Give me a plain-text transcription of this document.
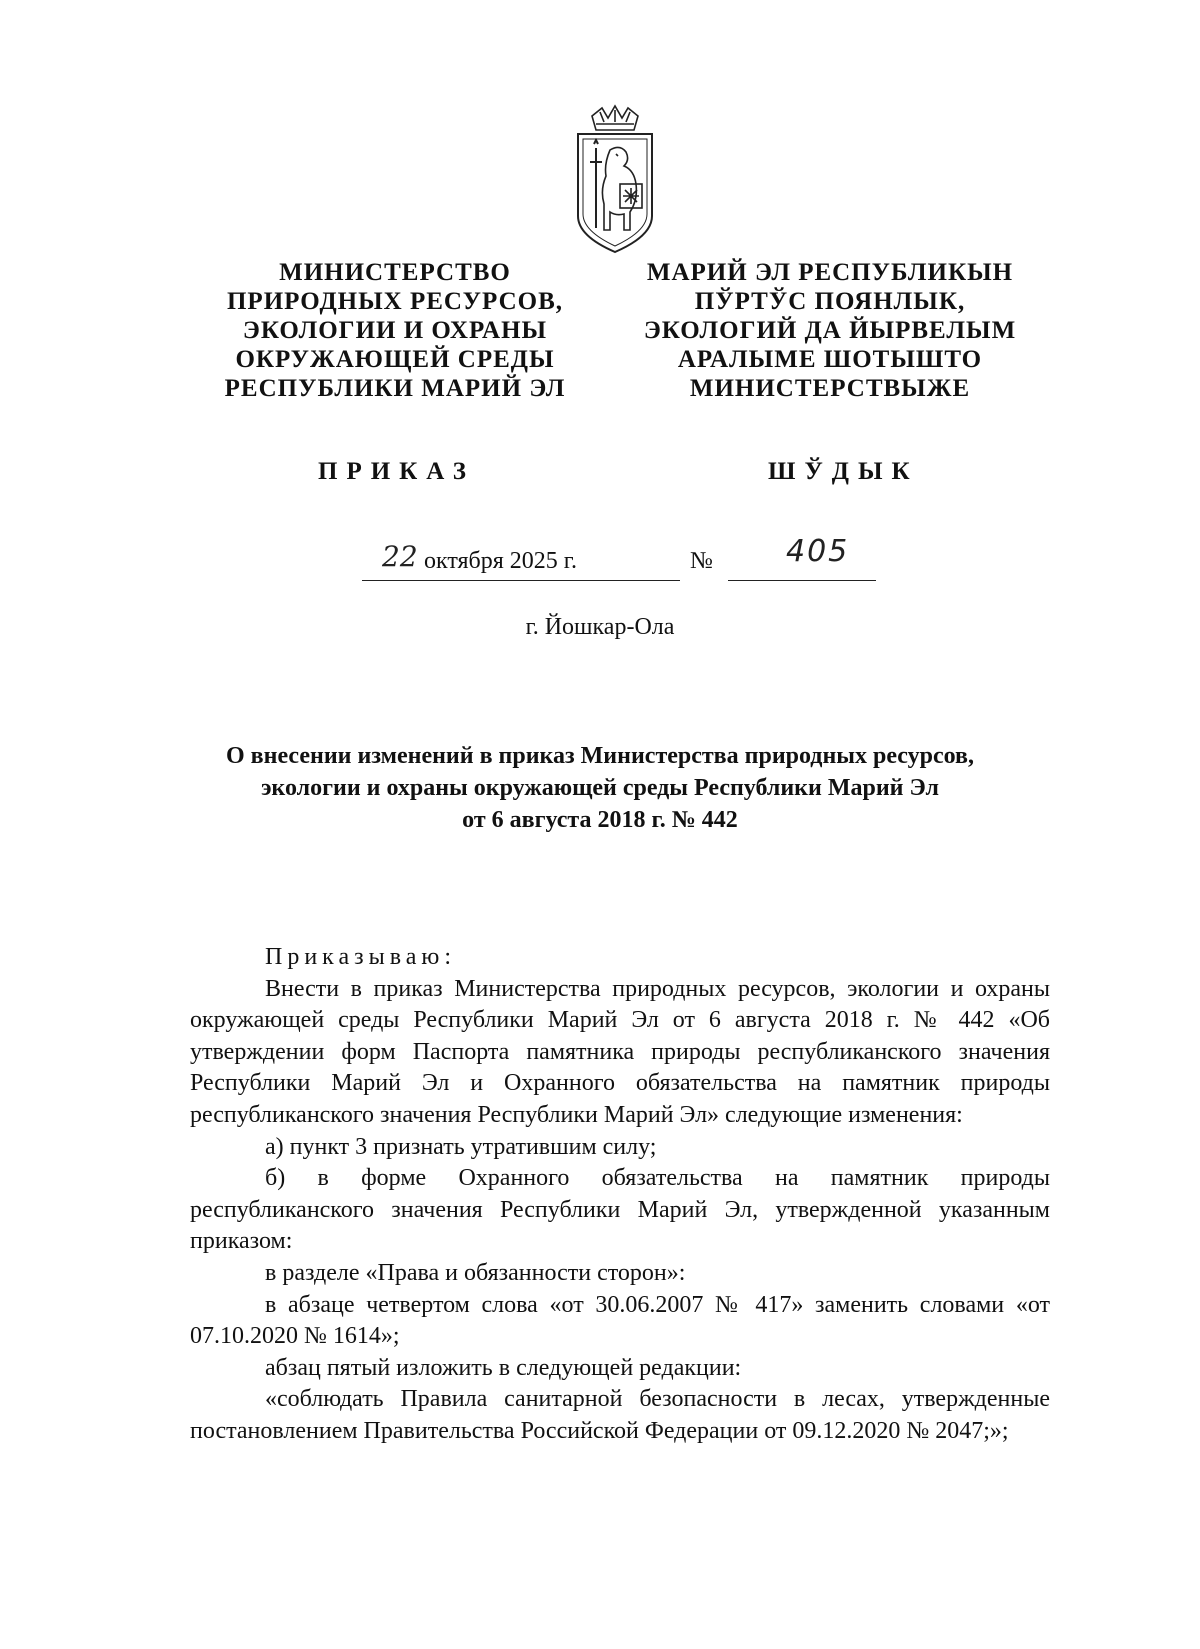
МИНИСТЕРСТВО
ПРИРОДНЫХ РЕСУРСОВ,
ЭКОЛОГИИ И ОХРАНЫ
ОКРУЖАЮЩЕЙ СРЕДЫ
РЕСПУБЛИКИ МАРИЙ ЭЛ
МАРИЙ ЭЛ РЕСПУБЛИКЫН
ПЎРТЎС ПОЯНЛЫК,
ЭКОЛОГИЙ ДА ЙЫРВЕЛЫМ
АРАЛЫМЕ ШОТЫШТО
МИНИСТЕРСТВЫЖЕ
ПРИКАЗ	ШЎДЫК
22 октября 2025 г.	№ 405
г. Йошкар-Ола
О внесении изменений в приказ Министерства природных ресурсов,
экологии и охраны окружающей среды Республики Марий Эл
от 6 августа 2018 г. № 442

Приказываю:

Внести в приказ Министерства природных ресурсов, экологии и охраны окружающей среды Республики Марий Эл от 6 августа 2018 г. № 442 «Об утверждении форм Паспорта памятника природы республиканского значения Республики Марий Эл и Охранного обязательства на памятник природы республиканского значения Республики Марий Эл» следующие изменения:

а) пункт 3 признать утратившим силу;

б) в форме Охранного обязательства на памятник природы республиканского значения Республики Марий Эл, утвержденной указанным приказом:

в разделе «Права и обязанности сторон»:

в абзаце четвертом слова «от 30.06.2007 № 417» заменить словами «от 07.10.2020 № 1614»;

абзац пятый изложить в следующей редакции:

«соблюдать Правила санитарной безопасности в лесах, утвержденные постановлением Правительства Российской Федерации от 09.12.2020 № 2047;»;
